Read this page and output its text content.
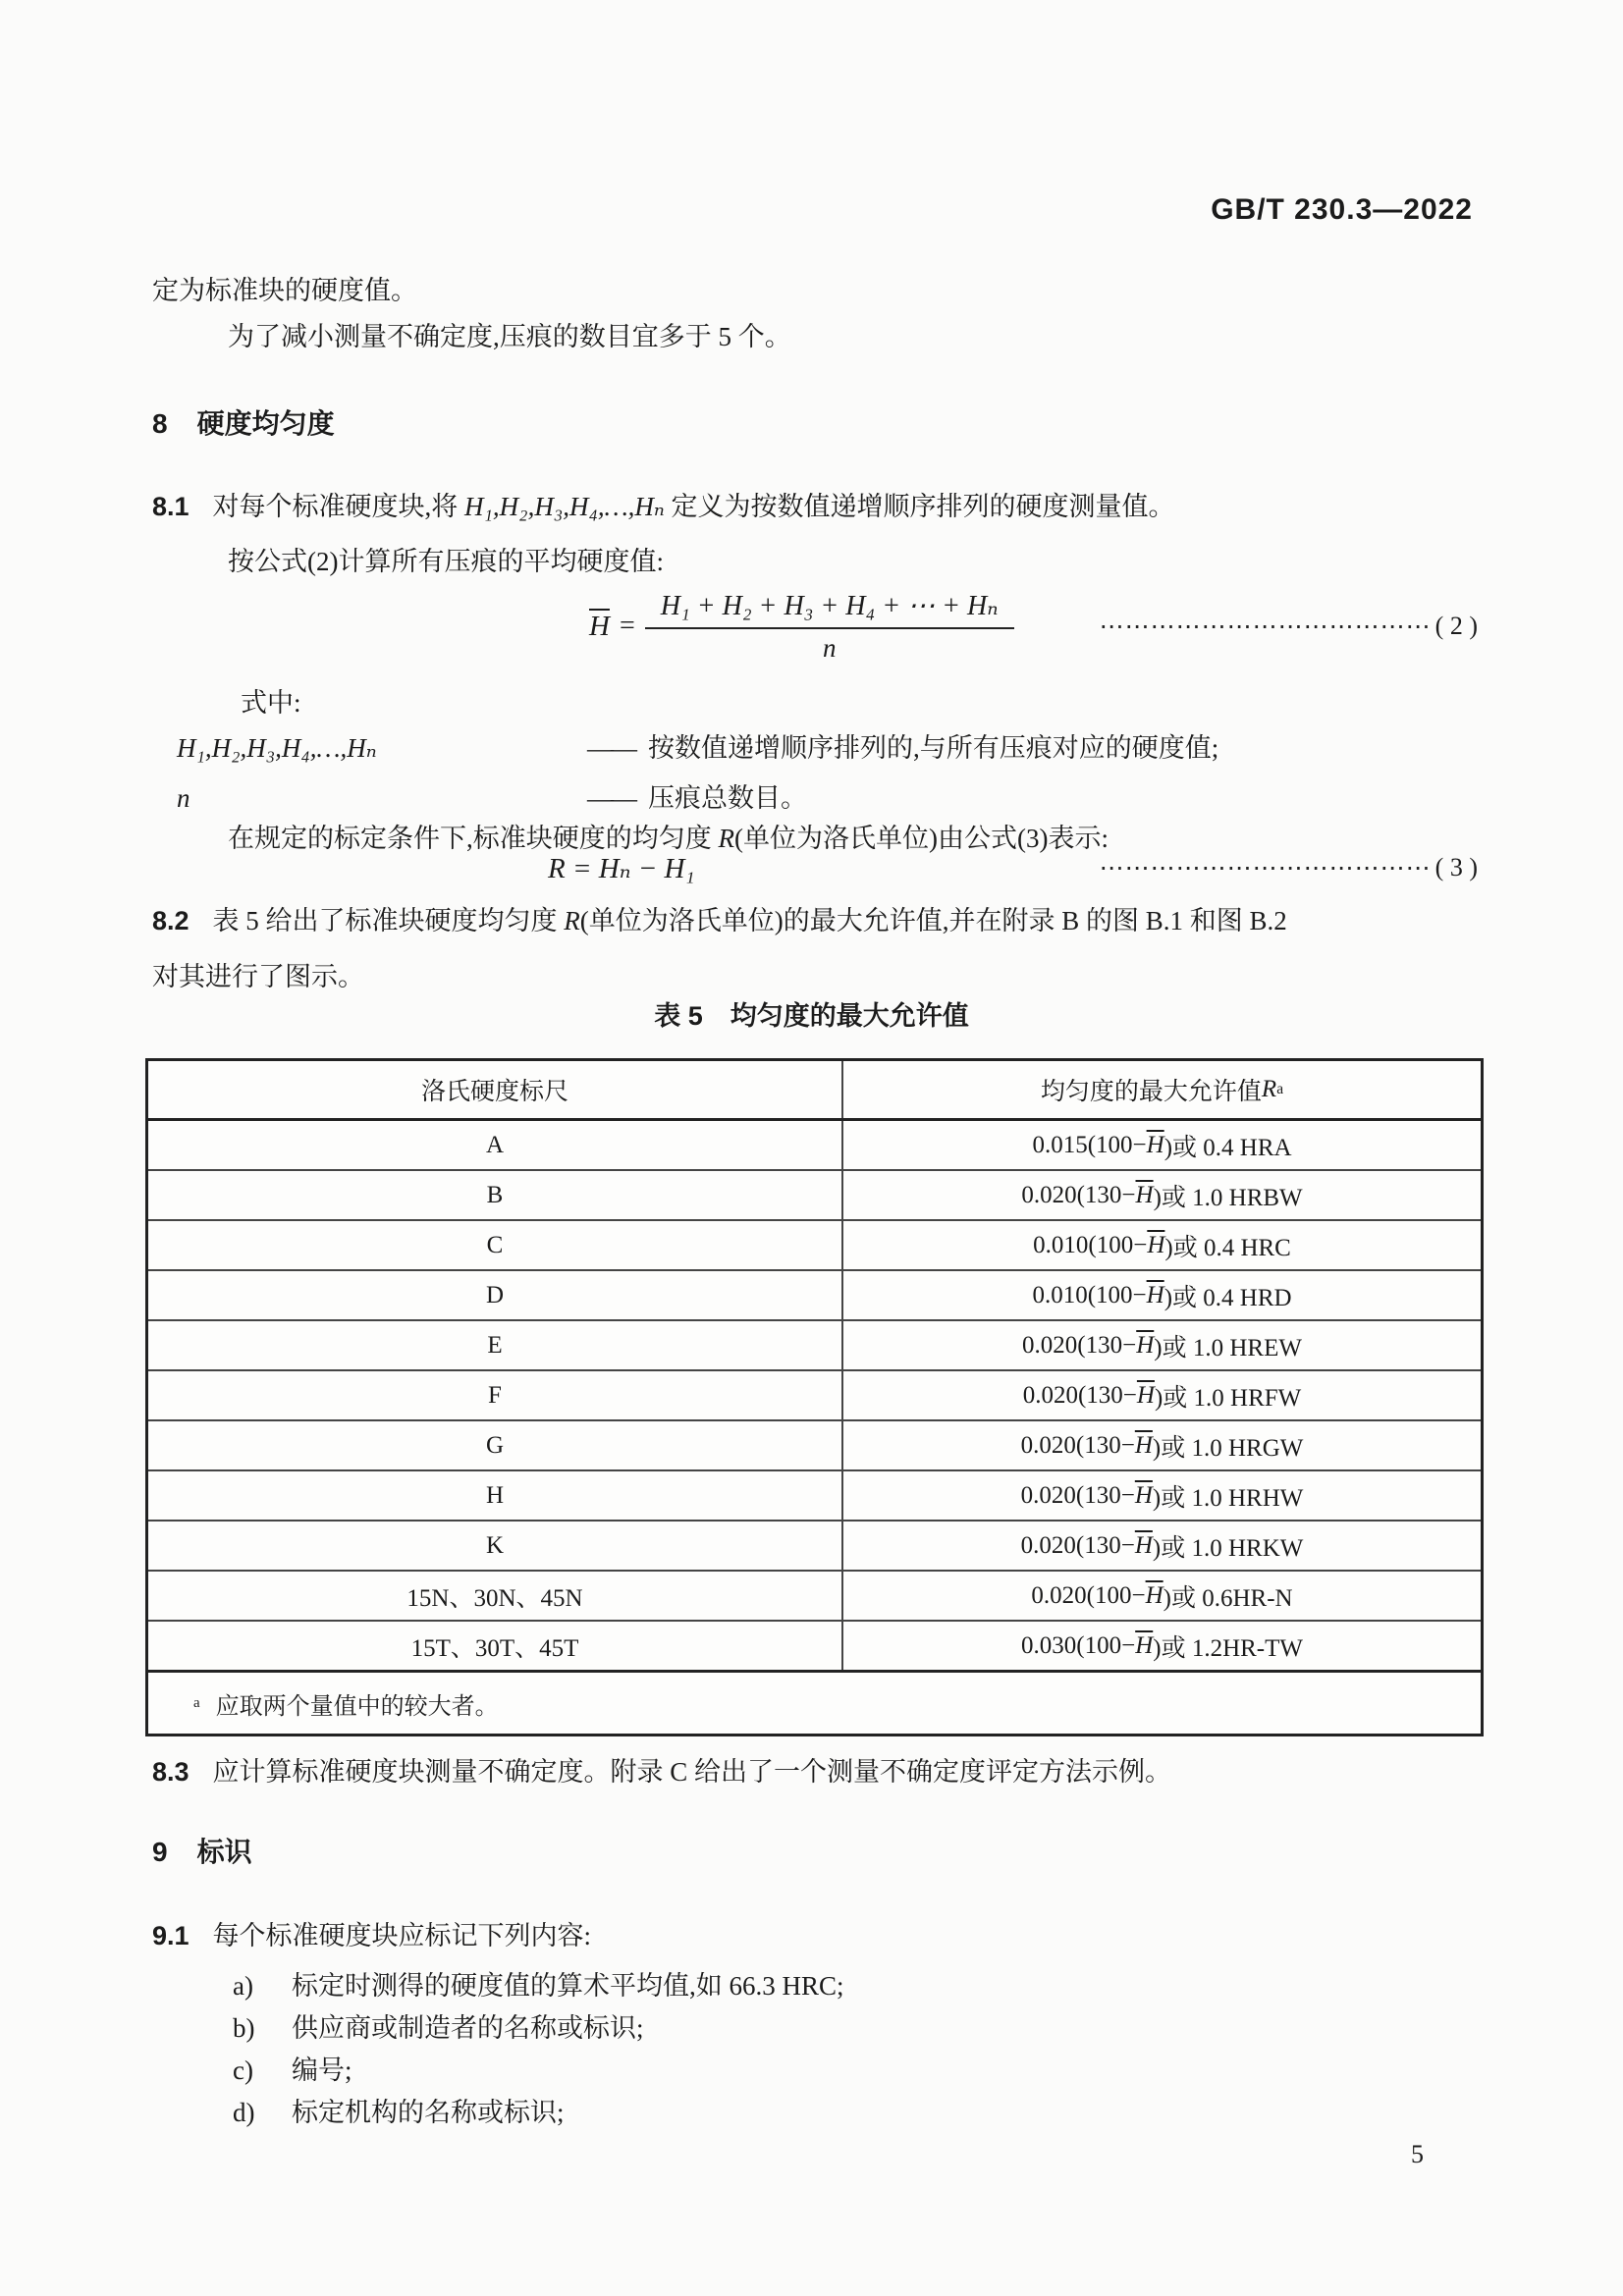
GB/T 230.3—2022
定为标准块的硬度值。
为了减小测量不确定度,压痕的数目宜多于 5 个。
8 硬度均匀度
8.1 对每个标准硬度块,将 H₁,H₂,H₃,H₄,…,Hₙ 定义为按数值递增顺序排列的硬度测量值。
按公式(2)计算所有压痕的平均硬度值:
$\overline{H} = \frac{\text{H₁ + H₂ + H₃ + H₄ + ⋯ + Hₙ}}{n}$	⋯⋯⋯⋯⋯⋯⋯⋯⋯⋯⋯⋯⋯ ( 2 )
式中:
H₁,H₂,H₃,H₄,…,Hₙ	—— 按数值递增顺序排列的,与所有压痕对应的硬度值;
n	—— 压痕总数目。
在规定的标定条件下,标准块硬度的均匀度 R(单位为洛氏单位)由公式(3)表示:
R = Hₙ − H₁	⋯⋯⋯⋯⋯⋯⋯⋯⋯⋯⋯⋯⋯ ( 3 )
8.2 表 5 给出了标准块硬度均匀度 R(单位为洛氏单位)的最大允许值,并在附录 B 的图 B.1 和图 B.2
对其进行了图示。
表 5 均匀度的最大允许值
洛氏硬度标尺	均匀度的最大允许值 R a
A	$0.015(100- \overline{H}$ )或 0.4 HRA
B	$0.020(130- \overline{H}$ )或 1.0 HRBW
C	$0.010(100- \overline{H}$ )或 0.4 HRC
D	$0.010(100- \overline{H}$ )或 0.4 HRD
E	$0.020(130- \overline{H}$ )或 1.0 HREW
F	$0.020(130- \overline{H}$ )或 1.0 HRFW
G	$0.020(130- \overline{H}$ )或 1.0 HRGW
H	$0.020(130- \overline{H}$ )或 1.0 HRHW
K	$0.020(130- \overline{H}$ )或 1.0 HRKW
15N、30N、45N	$0.020(100- \overline{H}$ )或 0.6HR-N
15T、30T、45T	$0.030(100- \overline{H}$ )或 1.2HR-TW
a 应取两个量值中的较大者。
8.3 应计算标准硬度块测量不确定度。附录 C 给出了一个测量不确定度评定方法示例。
9 标识
9.1 每个标准硬度块应标记下列内容:
a) 标定时测得的硬度值的算术平均值,如 66.3 HRC;
b) 供应商或制造者的名称或标识;
c) 编号;
d) 标定机构的名称或标识;
5
